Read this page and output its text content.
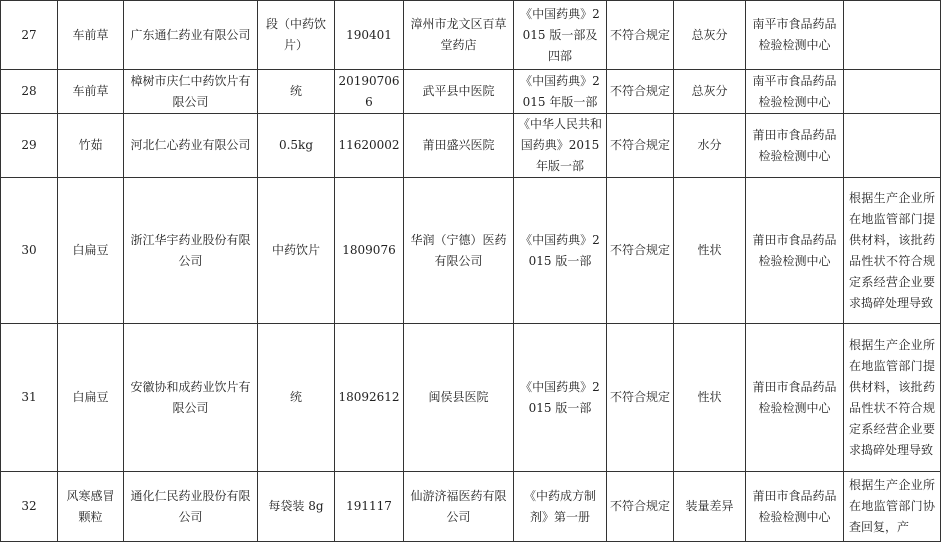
27	车前草	广东通仁药业有限公司	段（中药饮片）	190401	漳州市龙文区百草堂药店	《中国药典》2015 版一部及四部	不符合规定	总灰分	南平市食品药品检验检测中心	
28	车前草	樟树市庆仁中药饮片有限公司	统	201907066	武平县中医院	《中国药典》2015 年版一部	不符合规定	总灰分	南平市食品药品检验检测中心	
29	竹茹	河北仁心药业有限公司	0.5kg	11620002	莆田盛兴医院	《中华人民共和国药典》2015 年版一部	不符合规定	水分	莆田市食品药品检验检测中心	
30	白扁豆	浙江华宇药业股份有限公司	中药饮片	1809076	华润（宁德）医药有限公司	《中国药典》2015 版一部	不符合规定	性状	莆田市食品药品检验检测中心	根据生产企业所在地监管部门提供材料，该批药品性状不符合规定系经营企业要求捣碎处理导致
31	白扁豆	安徽协和成药业饮片有限公司	统	18092612	闽侯县医院	《中国药典》2015 版一部	不符合规定	性状	莆田市食品药品检验检测中心	根据生产企业所在地监管部门提供材料，该批药品性状不符合规定系经营企业要求捣碎处理导致
32	风寒感冒颗粒	通化仁民药业股份有限公司	每袋装 8g	191117	仙游济福医药有限公司	《中药成方制剂》第一册	不符合规定	装量差异	莆田市食品药品检验检测中心	根据生产企业所在地监管部门协查回复，产
